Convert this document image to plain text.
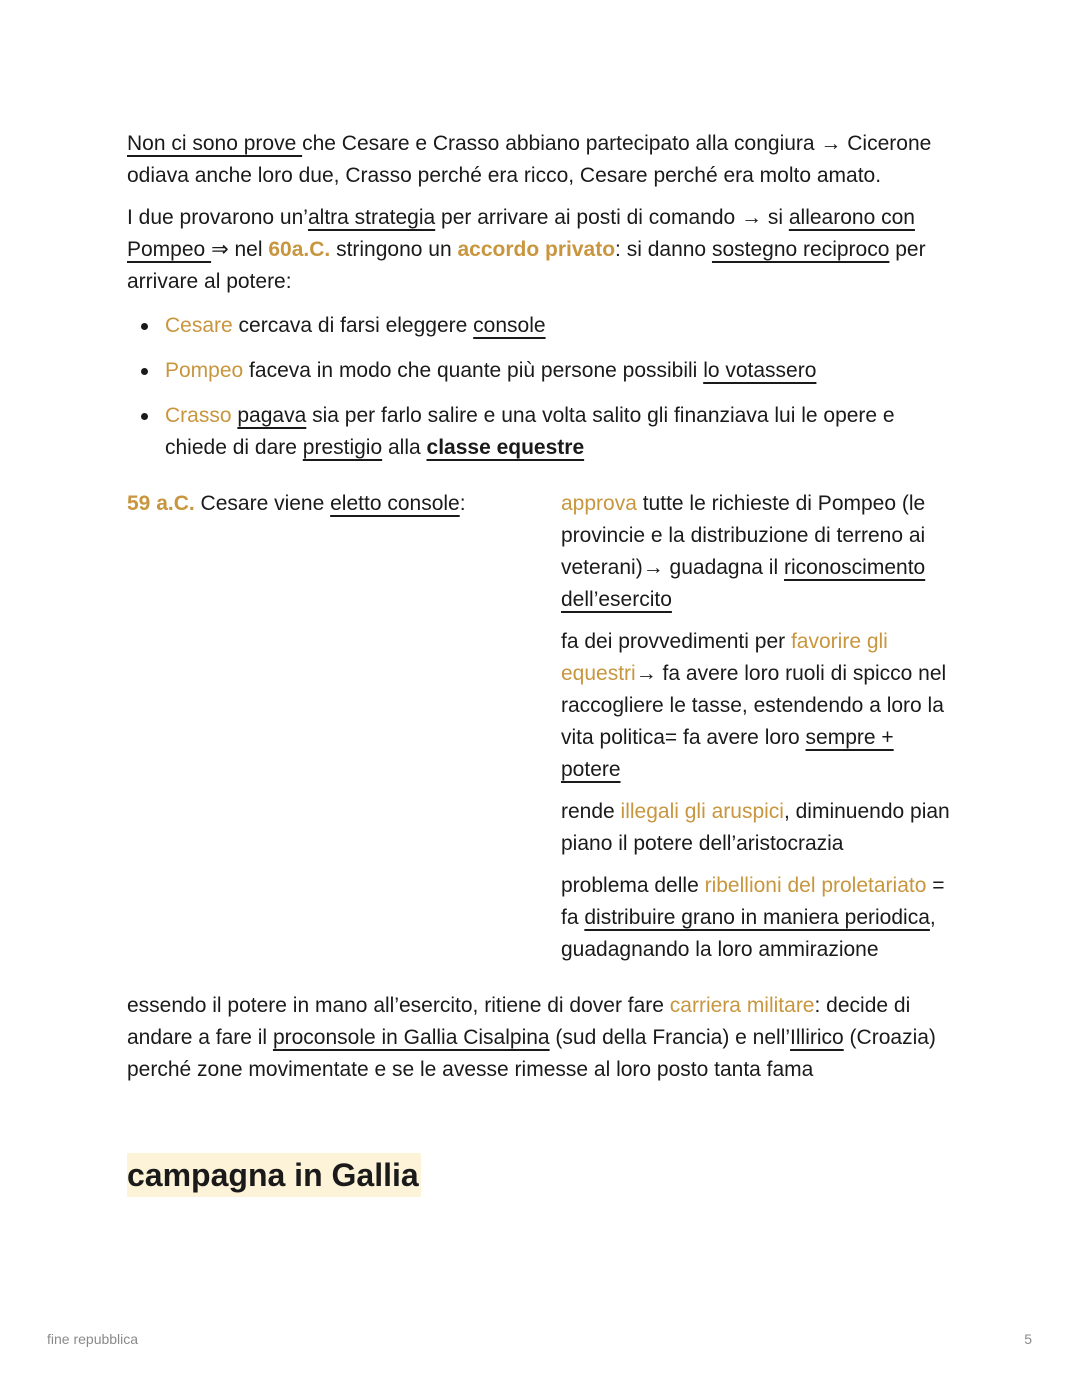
Non ci sono prove che Cesare e Crasso abbiano partecipato alla congiura → Cicerone odiava anche loro due, Crasso perché era ricco, Cesare perché era molto amato.

I due provarono un’altra strategia per arrivare ai posti di comando → si allearono con Pompeo ⇒ nel 60a.C. stringono un accordo privato: si danno sostegno reciproco per arrivare al potere:

Cesare cercava di farsi eleggere console
Pompeo faceva in modo che quante più persone possibili lo votassero
Crasso pagava sia per farlo salire e una volta salito gli finanziava lui le opere e chiede di dare prestigio alla classe equestre

59 a.C. Cesare viene eletto console:	approva tutte le richieste di Pompeo (le provincie e la distribuzione di terreno ai veterani)→ guadagna il riconoscimento dell’esercito

fa dei provvedimenti per favorire gli equestri→ fa avere loro ruoli di spicco nel raccogliere le tasse, estendendo a loro la vita politica= fa avere loro sempre + potere

rende illegali gli aruspici, diminuendo pian piano il potere dell’aristocrazia

problema delle ribellioni del proletariato = fa distribuire grano in maniera periodica, guadagnando la loro ammirazione

essendo il potere in mano all’esercito, ritiene di dover fare carriera militare: decide di andare a fare il proconsole in Gallia Cisalpina (sud della Francia) e nell’Illirico (Croazia) perché zone movimentate e se le avesse rimesse al loro posto tanta fama

campagna in Gallia
fine repubblica	5
